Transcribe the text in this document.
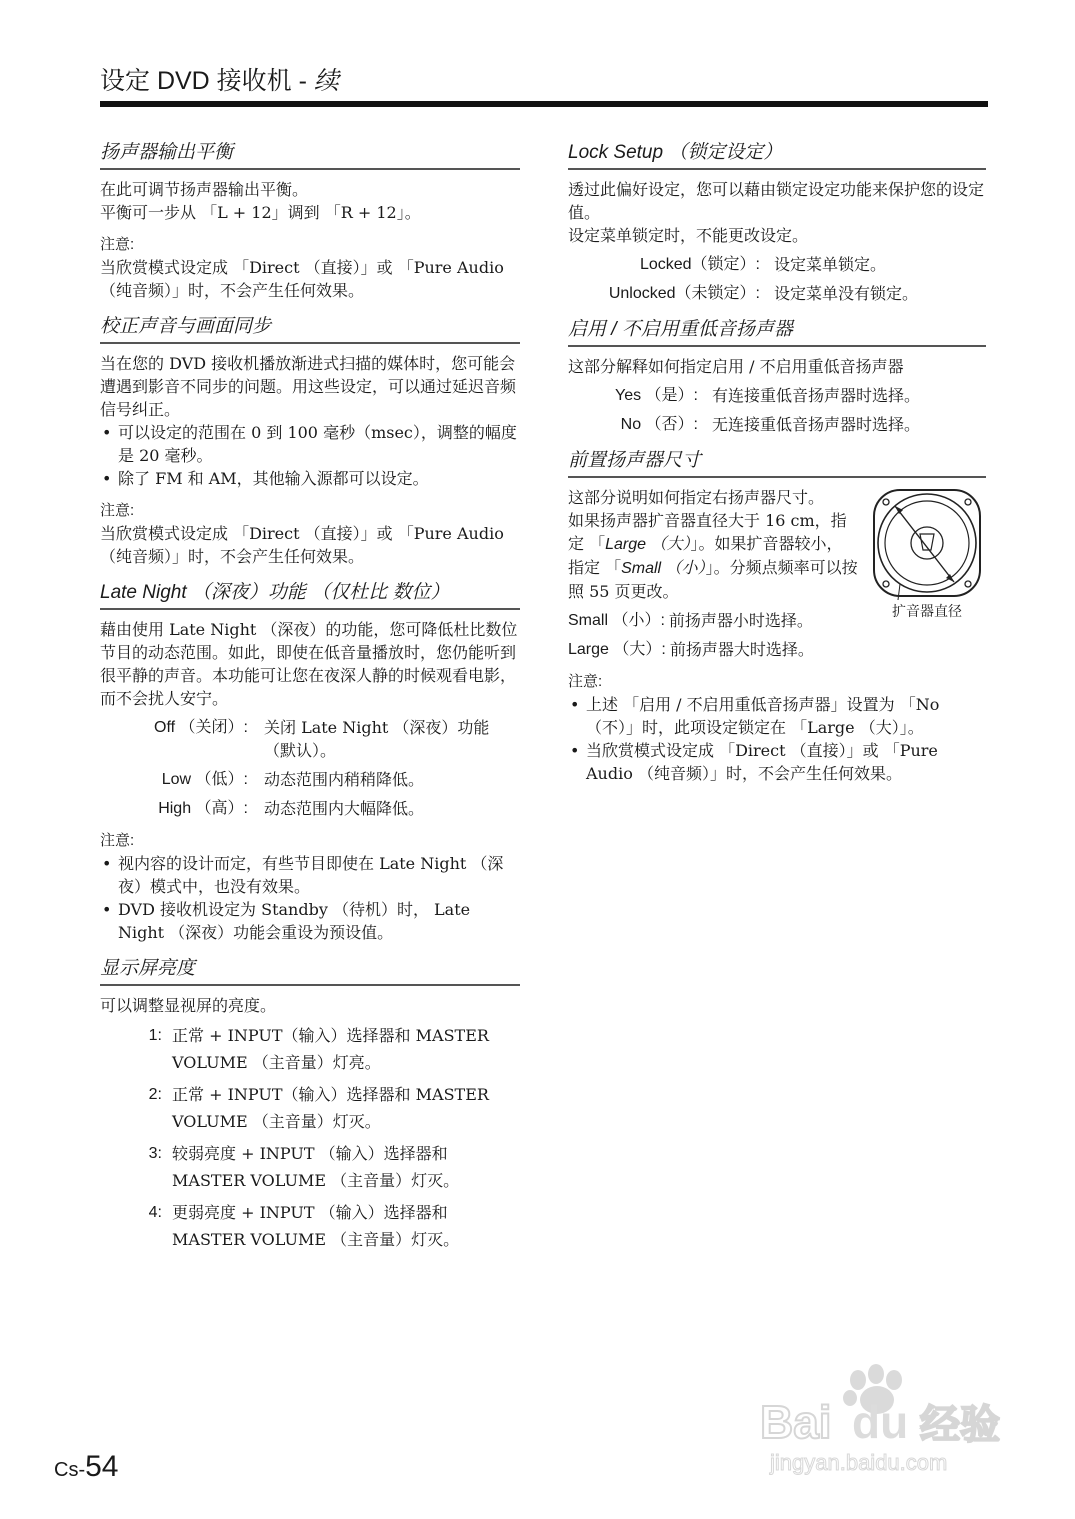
设定 DVD 接收机 - 续
扬声器输出平衡

在此可调节扬声器输出平衡。

平衡可一步从 「L + 12」调到 「R + 12」。

注意:

当欣赏模式设定成 「Direct （直接）」或 「Pure Audio （纯音频）」时，不会产生任何效果。

校正声音与画面同步

当在您的 DVD 接收机播放渐进式扫描的媒体时，您可能会遭遇到影音不同步的问题。用这些设定，可以通过延迟音频信号纠正。

• 可以设定的范围在 0 到 100 毫秒（msec），调整的幅度是 20 毫秒。
• 除了 FM 和 AM，其他输入源都可以设定。
注意:

当欣赏模式设定成 「Direct （直接）」或 「Pure Audio （纯音频）」时，不会产生任何效果。

Late Night （深夜）功能 （仅杜比 数位）

藉由使用 Late Night （深夜）的功能，您可降低杜比数位节目的动态范围。如此，即使在低音量播放时，您仍能听到很平静的声音。本功能可让您在夜深人静的时候观看电影，而不会扰人安宁。

Off （关闭）:	关闭 Late Night （深夜）功能 （默认）。
Low （低）:	动态范围内稍稍降低。
High （高）:	动态范围内大幅降低。
注意:
• 视内容的设计而定，有些节目即使在 Late Night （深夜）模式中，也没有效果。
• DVD 接收机设定为 Standby （待机）时， Late Night （深夜）功能会重设为预设值。
显示屏亮度

可以调整显视屏的亮度。

1: 正常 + INPUT（输入）选择器和 MASTER VOLUME （主音量）灯亮。
2: 正常 + INPUT（输入）选择器和 MASTER VOLUME （主音量）灯灭。
3: 较弱亮度 + INPUT （输入）选择器和 MASTER VOLUME （主音量）灯灭。
4: 更弱亮度 + INPUT （输入）选择器和 MASTER VOLUME （主音量）灯灭。
Lock Setup （锁定设定）

透过此偏好设定，您可以藉由锁定设定功能来保护您的设定值。

设定菜单锁定时，不能更改设定。

Locked（锁定）: 设定菜单锁定。
Unlocked（未锁定）: 设定菜单没有锁定。
启用 / 不启用重低音扬声器

这部分解释如何指定启用 / 不启用重低音扬声器

Yes （是）: 有连接重低音扬声器时选择。
No （否）: 无连接重低音扬声器时选择。
前置扬声器尺寸

这部分说明如何指定右扬声器尺寸。

如果扬声器扩音器直径大于 16 cm，指定 「Large （大）」。如果扩音器较小，指定 「Small （小）」。分频点频率可以按照 55 页更改。

扩音器直径
Small （小）: 前扬声器小时选择。
Large （大）: 前扬声器大时选择。
注意:
• 上述 「启用 / 不启用重低音扬声器」设置为 「No （不）」时，此项设定锁定在 「Large （大）」。
• 当欣赏模式设定成 「Direct （直接）」或 「Pure Audio （纯音频）」时，不会产生任何效果。
Cs-54
Bai du 经验
jingyan.baidu.com
